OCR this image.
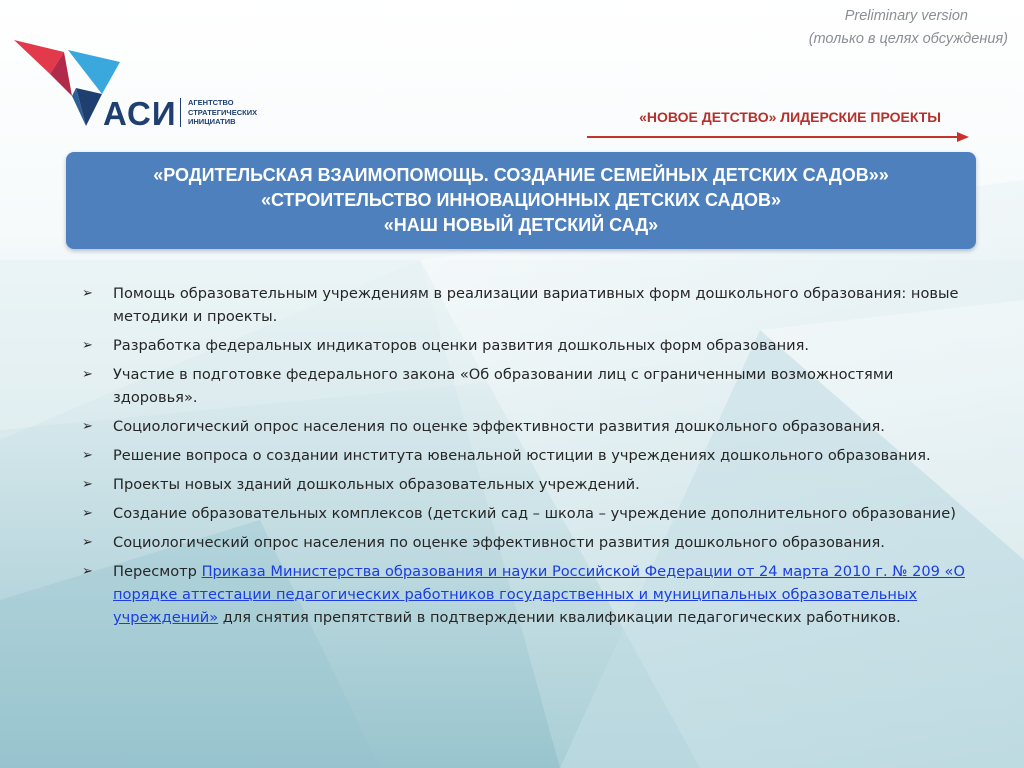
Preliminary version
(только в целях обсуждения)
АСИ АГЕНТСТВО
СТРАТЕГИЧЕСКИХ
ИНИЦИАТИВ	«НОВОЕ ДЕТСТВО» ЛИДЕРСКИЕ ПРОЕКТЫ
«РОДИТЕЛЬСКАЯ ВЗАИМОПОМОЩЬ. СОЗДАНИЕ СЕМЕЙНЫХ ДЕТСКИХ САДОВ»»
«СТРОИТЕЛЬСТВО ИННОВАЦИОННЫХ ДЕТСКИХ САДОВ»
«НАШ НОВЫЙ ДЕТСКИЙ САД»
➢ Помощь образовательным учреждениям в реализации вариативных форм дошкольного образования: новые методики и проекты.
➢ Разработка федеральных индикаторов оценки развития дошкольных форм образования.
➢ Участие в подготовке федерального закона «Об образовании лиц с ограниченными возможностями здоровья».
➢ Социологический опрос населения по оценке эффективности развития дошкольного образования.
➢ Решение вопроса о создании института ювенальной юстиции в учреждениях дошкольного образования.
➢ Проекты новых зданий дошкольных образовательных учреждений.
➢ Создание образовательных комплексов (детский сад – школа – учреждение дополнительного образование)
➢ Социологический опрос населения по оценке эффективности развития дошкольного образования.
➢ Пересмотр Приказа Министерства образования и науки Российской Федерации от 24 марта 2010 г. № 209 «О порядке аттестации педагогических работников государственных и муниципальных образовательных учреждений» для снятия препятствий в подтверждении квалификации педагогических работников.
